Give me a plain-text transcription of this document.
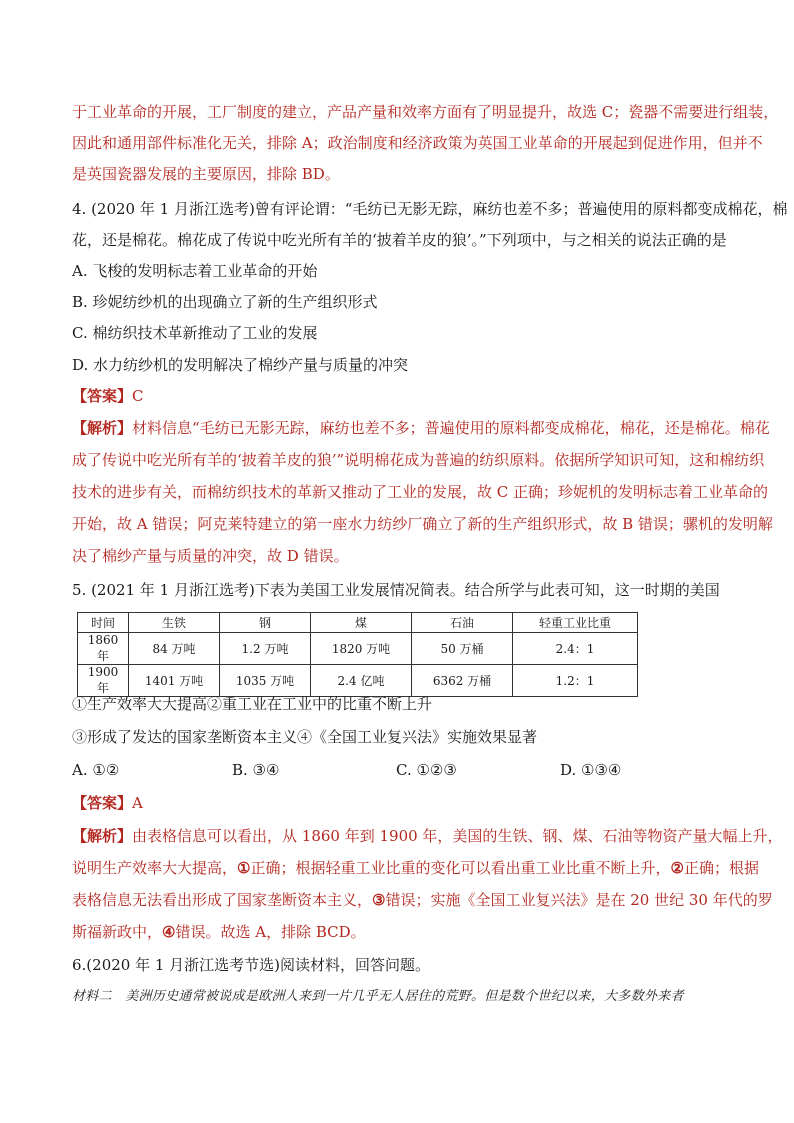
于工业革命的开展，工厂制度的建立，产品产量和效率方面有了明显提升，故选 C；瓷器不需要进行组装，
因此和通用部件标准化无关，排除 A；政治制度和经济政策为英国工业革命的开展起到促进作用，但并不
是英国瓷器发展的主要原因，排除 BD。
4. (2020 年 1 月浙江选考)曾有评论谓：“毛纺已无影无踪，麻纺也差不多；普遍使用的原料都变成棉花，棉
花，还是棉花。棉花成了传说中吃光所有羊的‘披着羊皮的狼’。”下列项中，与之相关的说法正确的是
A. 飞梭的发明标志着工业革命的开始
B. 珍妮纺纱机的出现确立了新的生产组织形式
C. 棉纺织技术革新推动了工业的发展
D. 水力纺纱机的发明解决了棉纱产量与质量的冲突
【答案】C
【解析】材料信息“毛纺已无影无踪，麻纺也差不多；普遍使用的原料都变成棉花，棉花，还是棉花。棉花
成了传说中吃光所有羊的‘披着羊皮的狼’”说明棉花成为普遍的纺织原料。依据所学知识可知，这和棉纺织
技术的进步有关，而棉纺织技术的革新又推动了工业的发展，故 C 正确；珍妮机的发明标志着工业革命的
开始，故 A 错误；阿克莱特建立的第一座水力纺纱厂确立了新的生产组织形式，故 B 错误；骡机的发明解
决了棉纱产量与质量的冲突，故 D 错误。
5. (2021 年 1 月浙江选考)下表为美国工业发展情况简表。结合所学与此表可知，这一时期的美国
时间	生铁	钢	煤	石油	轻重工业比重
1860 年	84 万吨	1.2 万吨	1820 万吨	50 万桶	2.4：1
1900 年	1401 万吨	1035 万吨	2.4 亿吨	6362 万桶	1.2：1
①生产效率大大提高②重工业在工业中的比重不断上升
③形成了发达的国家垄断资本主义④《全国工业复兴法》实施效果显著
A. ①②	B. ③④	C. ①②③	D. ①③④
【答案】A
【解析】由表格信息可以看出，从 1860 年到 1900 年，美国的生铁、钢、煤、石油等物资产量大幅上升，
说明生产效率大大提高，①正确；根据轻重工业比重的变化可以看出重工业比重不断上升，②正确；根据
表格信息无法看出形成了国家垄断资本主义，③错误；实施《全国工业复兴法》是在 20 世纪 30 年代的罗
斯福新政中，④错误。故选 A，排除 BCD。
6.(2020 年 1 月浙江选考节选)阅读材料，回答问题。
材料二　美洲历史通常被说成是欧洲人来到一片几乎无人居住的荒野。但是数个世纪以来，大多数外来者
